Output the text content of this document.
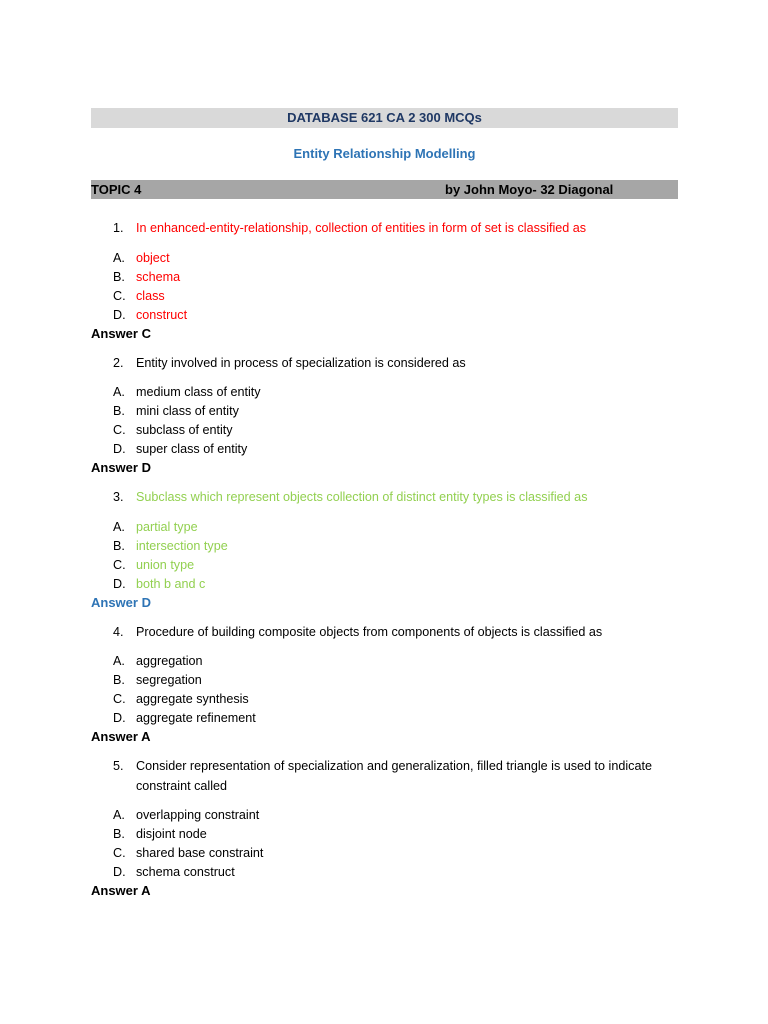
DATABASE 621 CA 2 300 MCQs
Entity Relationship Modelling
TOPIC 4	by John Moyo- 32 Diagonal
1. In enhanced-entity-relationship, collection of entities in form of set is classified as
A. object
B. schema
C. class
D. construct
Answer C
2. Entity involved in process of specialization is considered as
A. medium class of entity
B. mini class of entity
C. subclass of entity
D. super class of entity
Answer D
3. Subclass which represent objects collection of distinct entity types is classified as
A. partial type
B. intersection type
C. union type
D. both b and c
Answer D
4. Procedure of building composite objects from components of objects is classified as
A. aggregation
B. segregation
C. aggregate synthesis
D. aggregate refinement
Answer A
5. Consider representation of specialization and generalization, filled triangle is used to indicate constraint called
A. overlapping constraint
B. disjoint node
C. shared base constraint
D. schema construct
Answer A
